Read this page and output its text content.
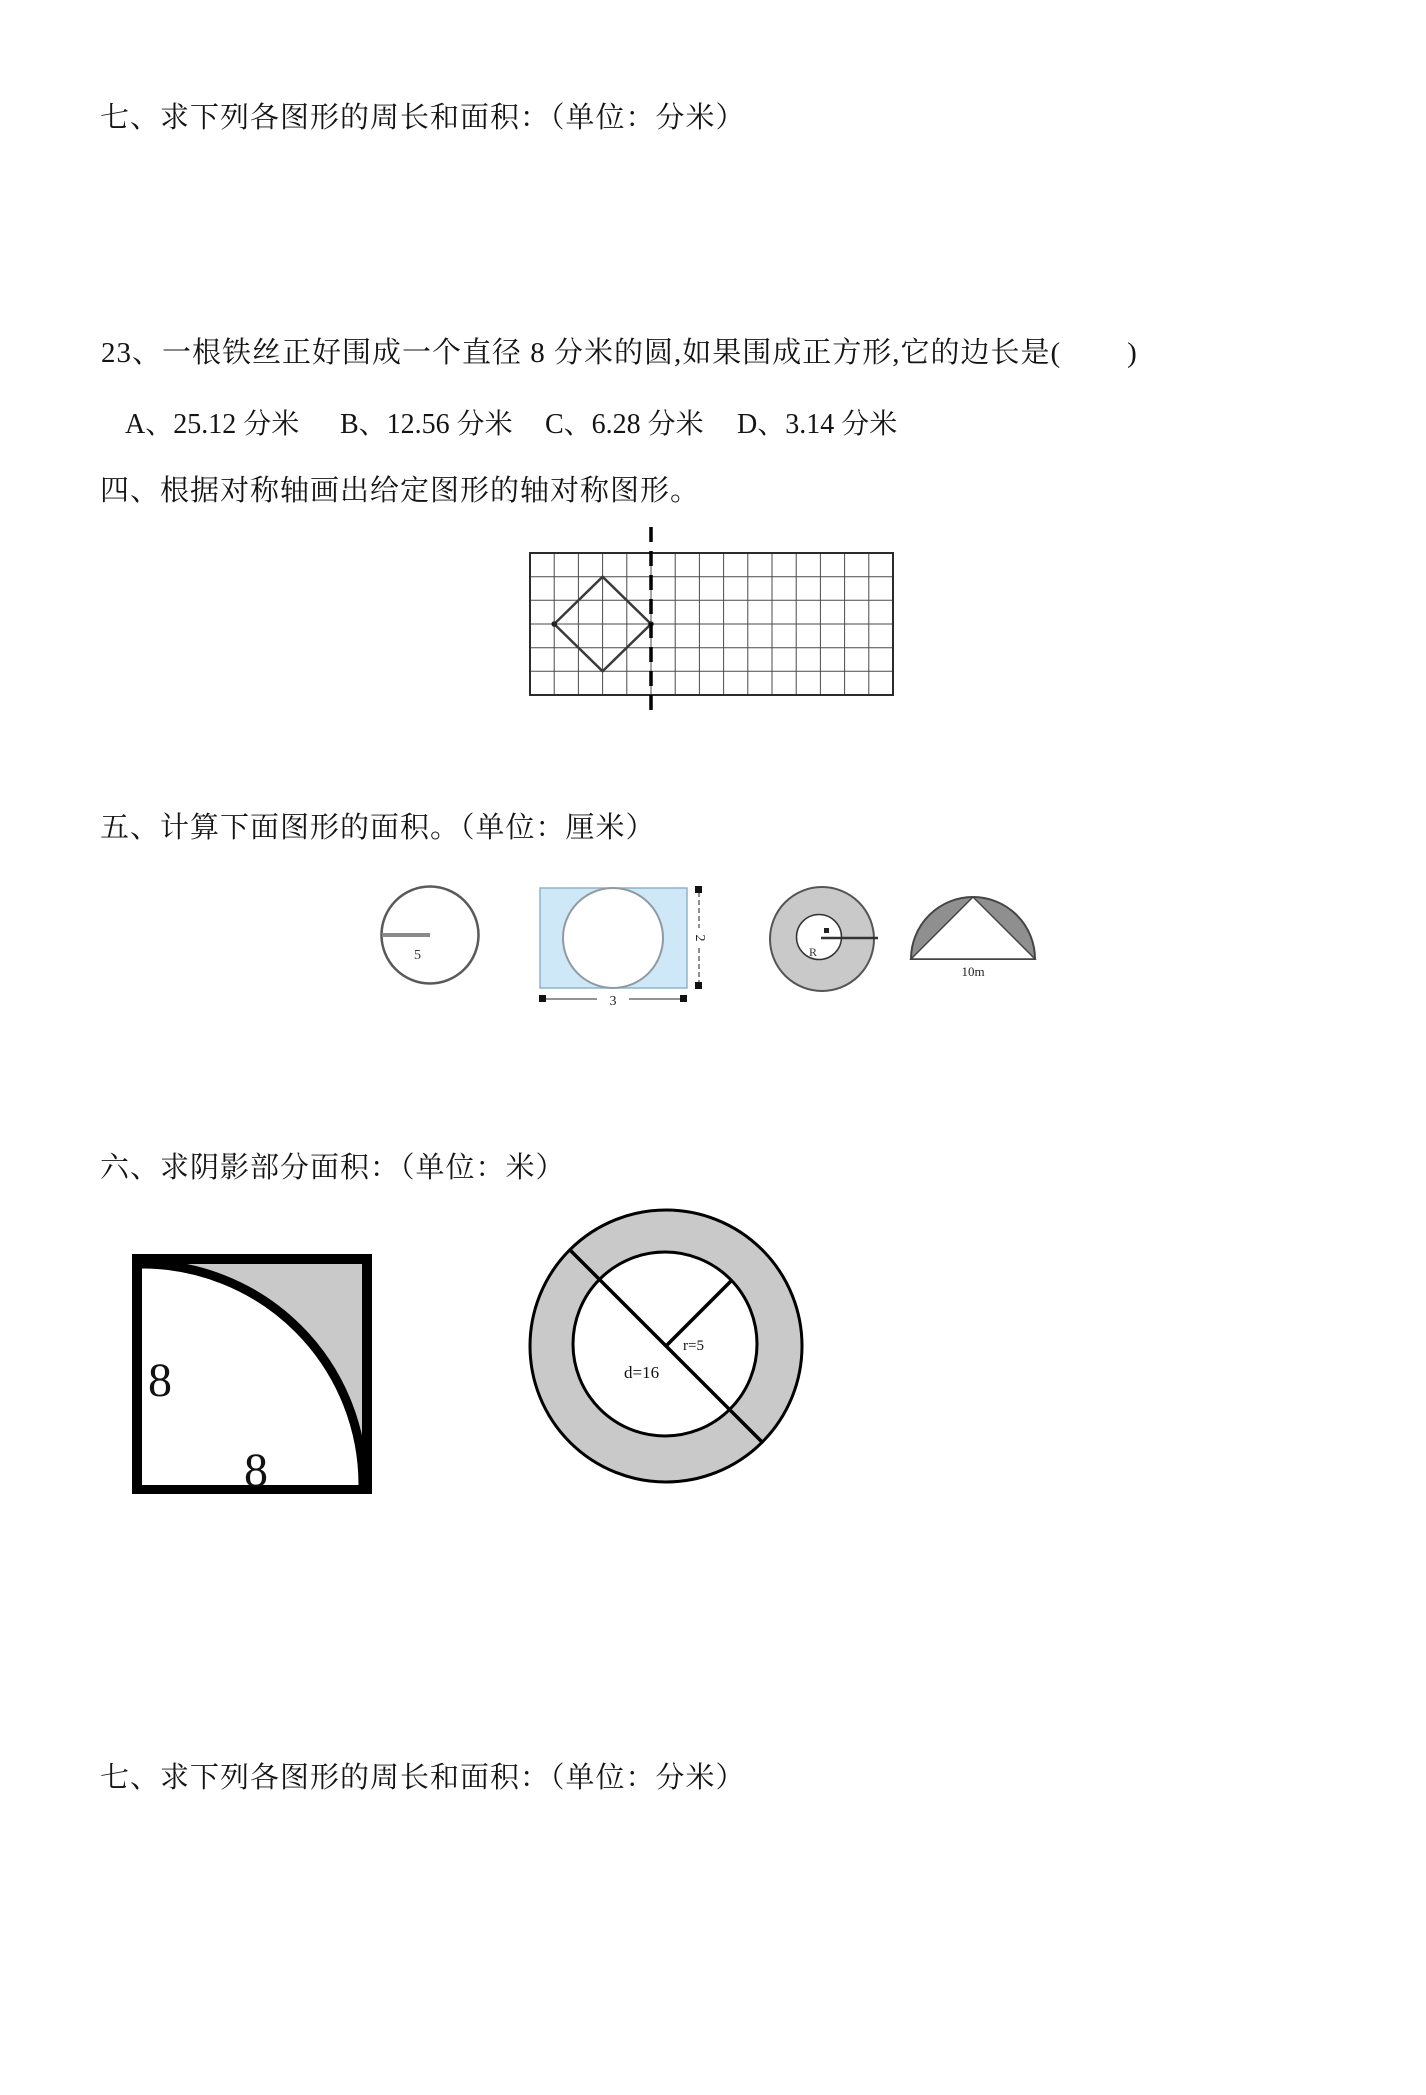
七、求下列各图形的周长和面积：（单位：分米）
23、一根铁丝正好围成一个直径 8 分米的圆,如果围成正方形,它的边长是(        )
A、25.12 分米 B、12.56 分米 C、6.28 分米 D、3.14 分米
四、根据对称轴画出给定图形的轴对称图形。
五、计算下面图形的面积。（单位：厘米）
5
2
3
R
10m
六、求阴影部分面积：（单位：米）
8
8
r=5
d=16
七、求下列各图形的周长和面积：（单位：分米）
